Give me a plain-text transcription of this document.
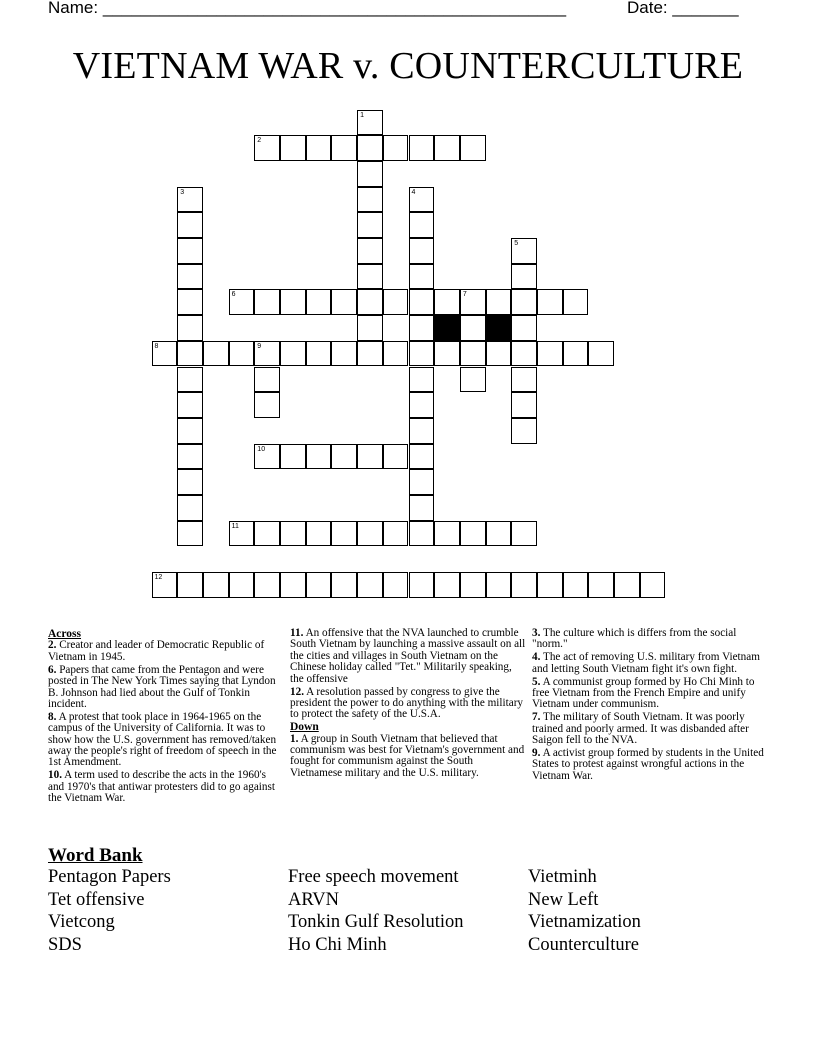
Name: _________________________________________________	Date: _______
VIETNAM WAR v. COUNTERCULTURE
1
2
3	4
5
6	7
8	9
10
11
12
Across
2. Creator and leader of Democratic Republic of Vietnam in 1945.
6. Papers that came from the Pentagon and were posted in The New York Times saying that Lyndon B. Johnson had lied about the Gulf of Tonkin incident.
8. A protest that took place in 1964-1965 on the campus of the University of California. It was to show how the U.S. government has removed/taken away the people's right of freedom of speech in the 1st Amendment.
10. A term used to describe the acts in the 1960's and 1970's that antiwar protesters did to go against the Vietnam War.
11. An offensive that the NVA launched to crumble South Vietnam by launching a massive assault on all the cities and villages in South Vietnam on the Chinese holiday called "Tet." Militarily speaking, the offensive
12. A resolution passed by congress to give the president the power to do anything with the military to protect the safety of the U.S.A.
Down
1. A group in South Vietnam that believed that communism was best for Vietnam's government and fought for communism against the South Vietnamese military and the U.S. military.
3. The culture which is differs from the social "norm."
4. The act of removing U.S. military from Vietnam and letting South Vietnam fight it's own fight.
5. A communist group formed by Ho Chi Minh to free Vietnam from the French Empire and unify Vietnam under communism.
7. The military of South Vietnam. It was poorly trained and poorly armed. It was disbanded after Saigon fell to the NVA.
9. A activist group formed by students in the United States to protest against wrongful actions in the Vietnam War.
Word Bank
Pentagon Papers
Tet offensive
Vietcong
SDS
Free speech movement
ARVN
Tonkin Gulf Resolution
Ho Chi Minh
Vietminh
New Left
Vietnamization
Counterculture
